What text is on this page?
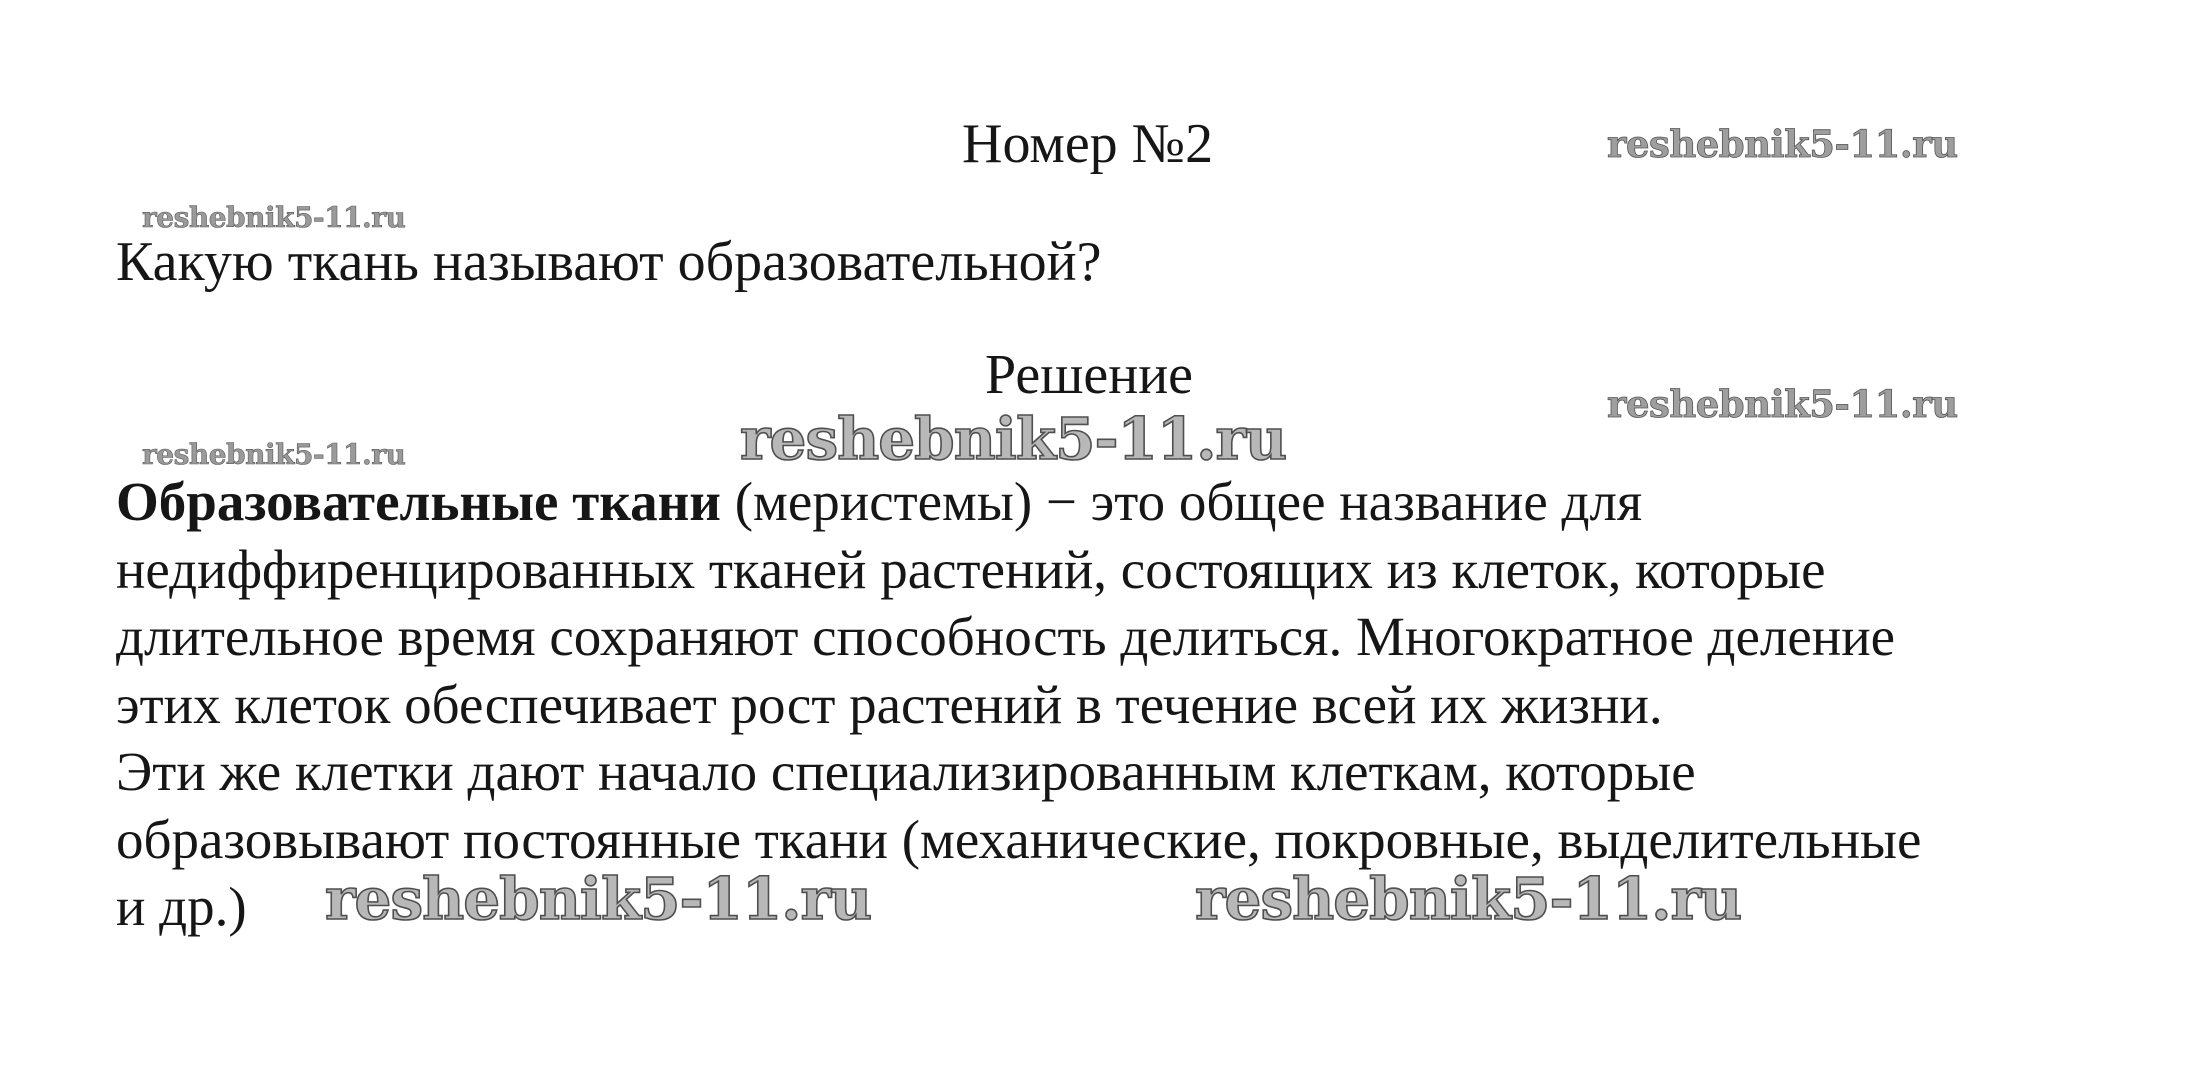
reshebnik5-11.ru
reshebnik5-11.ru
reshebnik5-11.ru
reshebnik5-11.ru
reshebnik5-11.ru
reshebnik5-11.ru	reshebnik5-11.ru
Номер №2
Какую ткань называют образовательной?
Решение
Образовательные ткани (меристемы) − это общее название для
недиффиренцированных тканей растений, состоящих из клеток, которые
длительное время сохраняют способность делиться. Многократное деление
этих клеток обеспечивает рост растений в течение всей их жизни.
Эти же клетки дают начало специализированным клеткам, которые
образовывают постоянные ткани (механические, покровные, выделительные
и др.)
